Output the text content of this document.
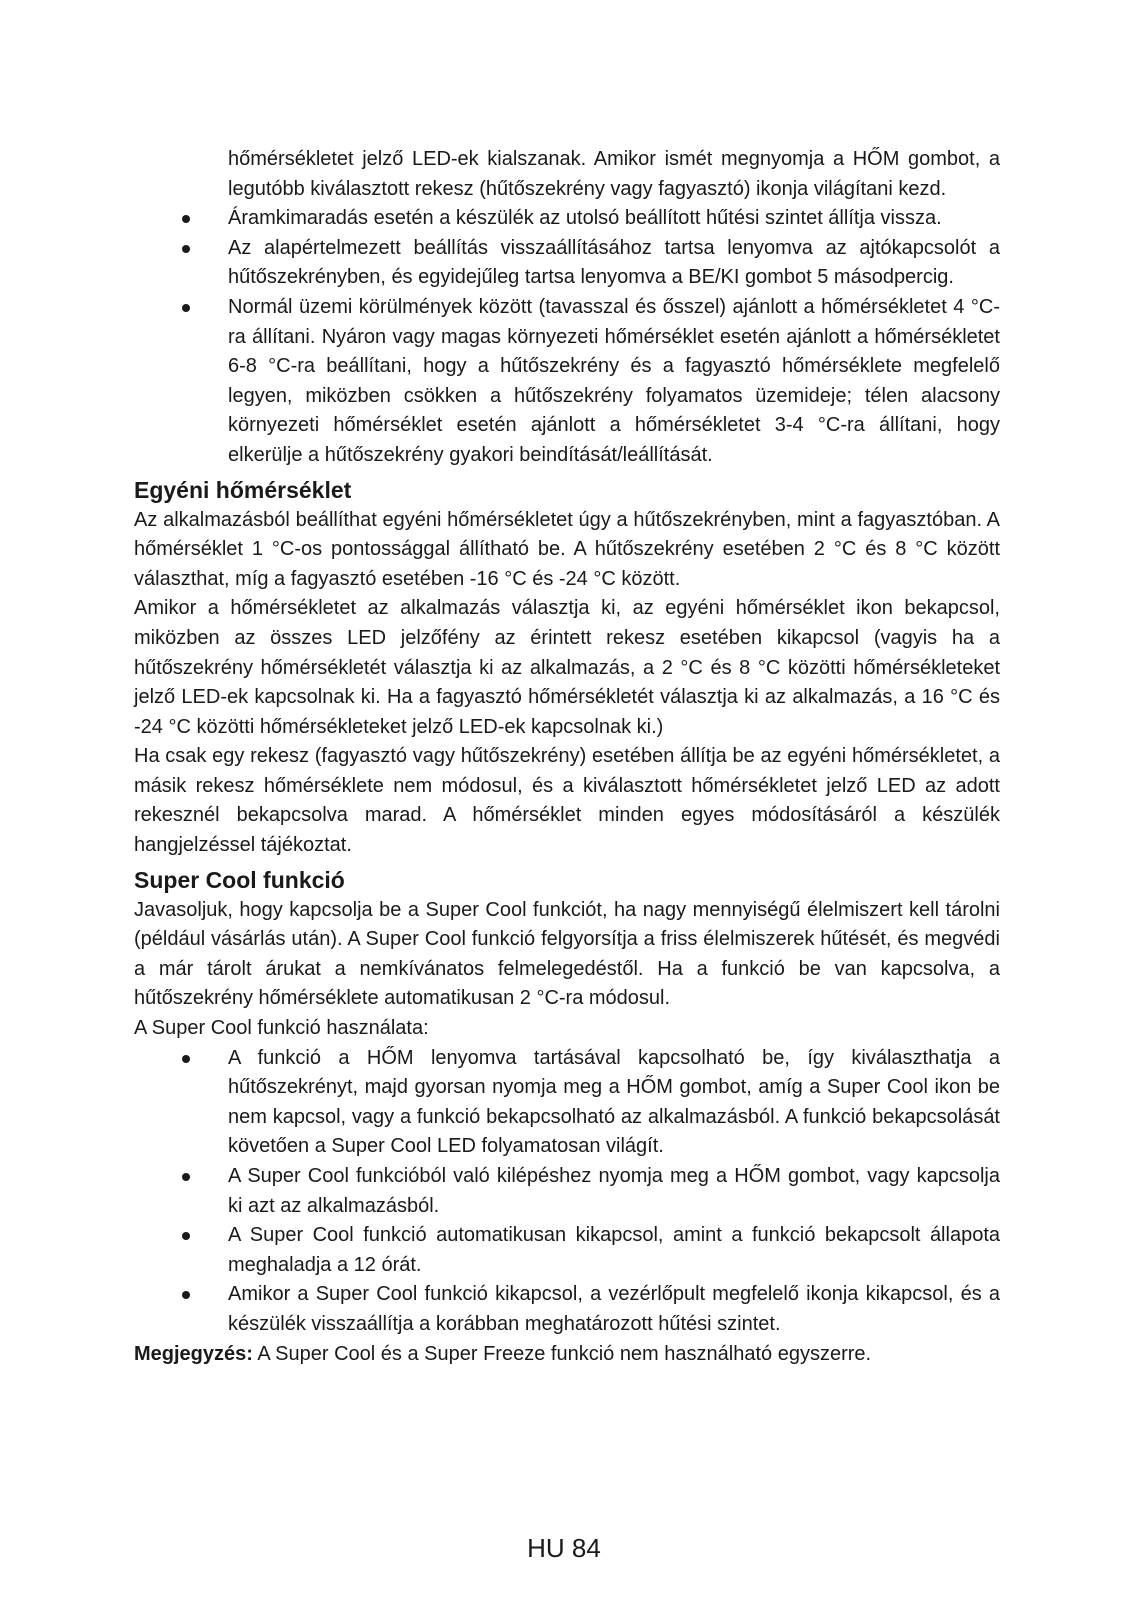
hőmérsékletet jelző LED-ek kialszanak. Amikor ismét megnyomja a HŐM gombot, a legutóbb kiválasztott rekesz (hűtőszekrény vagy fagyasztó) ikonja világítani kezd.

Áramkimaradás esetén a készülék az utolsó beállított hűtési szintet állítja vissza.
Az alapértelmezett beállítás visszaállításához tartsa lenyomva az ajtókapcsolót a hűtőszekrényben, és egyidejűleg tartsa lenyomva a BE/KI gombot 5 másodpercig.
Normál üzemi körülmények között (tavasszal és ősszel) ajánlott a hőmérsékletet 4 °C-ra állítani. Nyáron vagy magas környezeti hőmérséklet esetén ajánlott a hőmérsékletet 6-8 °C-ra beállítani, hogy a hűtőszekrény és a fagyasztó hőmérséklete megfelelő legyen, miközben csökken a hűtőszekrény folyamatos üzemideje; télen alacsony környezeti hőmérséklet esetén ajánlott a hőmérsékletet 3-4 °C-ra állítani, hogy elkerülje a hűtőszekrény gyakori beindítását/leállítását.
Egyéni hőmérséklet

Az alkalmazásból beállíthat egyéni hőmérsékletet úgy a hűtőszekrényben, mint a fagyasztóban. A hőmérséklet 1 °C-os pontossággal állítható be. A hűtőszekrény esetében 2 °C és 8 °C között választhat, míg a fagyasztó esetében -16 °C és -24 °C között.

Amikor a hőmérsékletet az alkalmazás választja ki, az egyéni hőmérséklet ikon bekapcsol, miközben az összes LED jelzőfény az érintett rekesz esetében kikapcsol (vagyis ha a hűtőszekrény hőmérsékletét választja ki az alkalmazás, a 2 °C és 8 °C közötti hőmérsékleteket jelző LED-ek kapcsolnak ki. Ha a fagyasztó hőmérsékletét választja ki az alkalmazás, a 16 °C és -24 °C közötti hőmérsékleteket jelző LED-ek kapcsolnak ki.)

Ha csak egy rekesz (fagyasztó vagy hűtőszekrény) esetében állítja be az egyéni hőmérsékletet, a másik rekesz hőmérséklete nem módosul, és a kiválasztott hőmérsékletet jelző LED az adott rekesznél bekapcsolva marad. A hőmérséklet minden egyes módosításáról a készülék hangjelzéssel tájékoztat.

Super Cool funkció

Javasoljuk, hogy kapcsolja be a Super Cool funkciót, ha nagy mennyiségű élelmiszert kell tárolni (például vásárlás után). A Super Cool funkció felgyorsítja a friss élelmiszerek hűtését, és megvédi a már tárolt árukat a nemkívánatos felmelegedéstől. Ha a funkció be van kapcsolva, a hűtőszekrény hőmérséklete automatikusan 2 °C-ra módosul.

A Super Cool funkció használata:

A funkció a HŐM lenyomva tartásával kapcsolható be, így kiválaszthatja a hűtőszekrényt, majd gyorsan nyomja meg a HŐM gombot, amíg a Super Cool ikon be nem kapcsol, vagy a funkció bekapcsolható az alkalmazásból. A funkció bekapcsolását követően a Super Cool LED folyamatosan világít.
A Super Cool funkcióból való kilépéshez nyomja meg a HŐM gombot, vagy kapcsolja ki azt az alkalmazásból.
A Super Cool funkció automatikusan kikapcsol, amint a funkció bekapcsolt állapota meghaladja a 12 órát.
Amikor a Super Cool funkció kikapcsol, a vezérlőpult megfelelő ikonja kikapcsol, és a készülék visszaállítja a korábban meghatározott hűtési szintet.

Megjegyzés: A Super Cool és a Super Freeze funkció nem használható egyszerre.

HU 84
